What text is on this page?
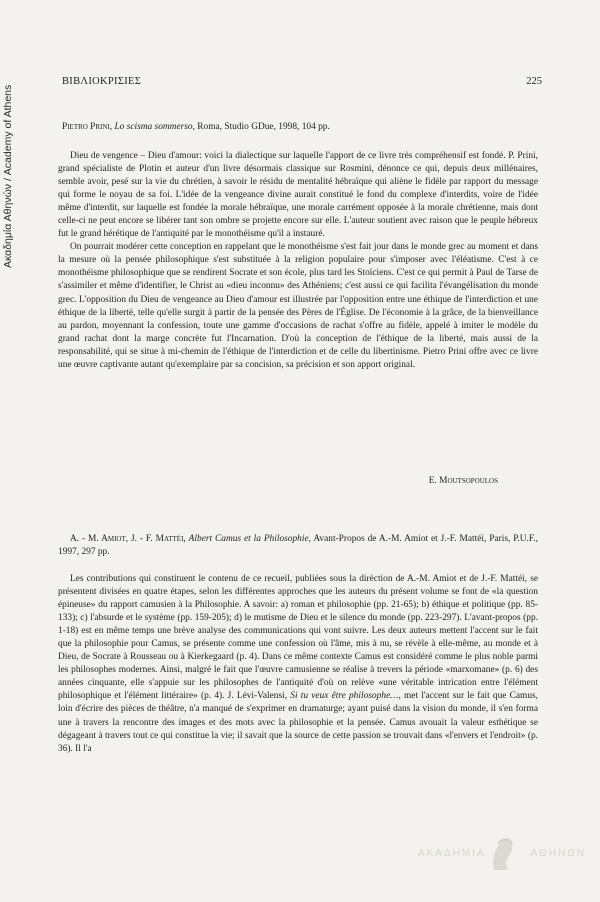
Ακαδημία Αθηνών / Academy of Athens
ΒΙΒΛΙΟΚΡΙΣΙΕΣ	225
Pietro Prini, Lo scisma sommerso, Roma, Studio GDue, 1998, 104 pp.

Dieu de vengence – Dieu d'amour: voici la dialectique sur laquelle l'apport de ce livre très compréhensif est fondé. P. Prini, grand spécialiste de Plotin et auteur d'un livre désormais classique sur Rosmini, dénonce ce qui, depuis deux millénaires, semble avoir, pesé sur la vie du chrétien, à savoir le résidu de mentalité hébraïque qui aliène le fidèle par rapport du message qui forme le noyau de sa foi. L'idée de la vengeance divine aurait constitué le fond du complexe d'interdits, voire de l'idée même d'interdit, sur laquelle est fondée la morale hébraïque, une morale carrément opposée à la morale chrétienne, mais dont celle-ci ne peut encore se libérer tant son ombre se projette encore sur elle. L'auteur soutient avec raison que le peuple hébreux fut le grand hérétique de l'antiquité par le monothéisme qu'il a instauré.

On pourrait modérer cette conception en rappelant que le monothéisme s'est fait jour dans le monde grec au moment et dans la mesure où la pensée philosophique s'est substituée à la religion populaire pour s'imposer avec l'éléatisme. C'est à ce monothéisme philosophique que se rendirent Socrate et son école, plus tard les Stoïciens. C'est ce qui permit à Paul de Tarse de s'assimiler et même d'identifier, le Christ au «dieu inconnu» des Athéniens; c'est aussi ce qui facilita l'évangélisation du monde grec. L'opposition du Dieu de vengeance au Dieu d'amour est illustrée par l'opposition entre une éthique de l'interdiction et une éthique de la liberté, telle qu'elle surgit à partir de la pensée des Pères de l'Église. De l'économie à la grâce, de la bienveillance au pardon, moyennant la confession, toute une gamme d'occasions de rachat s'offre au fidèle, appelé à imiter le modèle du grand rachat dont la marge concrète fut l'Incarnation. D'où la conception de l'éthique de la liberté, mais aussi de la responsabilité, qui se situe à mi-chemin de l'éthique de l'interdiction et de celle du libertinisme. Pietro Prini offre avec ce livre une œuvre captivante autant qu'exemplaire par sa concision, sa précision et son apport original.

E. Moutsopoulos

A. - M. Amiot, J. - F. Mattéi, Albert Camus et la Philosophie, Avant-Propos de A.-M. Amiot et J.-F. Mattéi, Paris, P.U.F., 1997, 297 pp.

Les contributions qui constituent le contenu de ce recueil, publiées sous la dirèction de A.-M. Amiot et de J.-F. Mattéi, se présentent divisées en quatre étapes, selon les différentes approches que les auteurs du présent volume se font de «la question épineuse» du rapport camusien à la Philosophie. A savoir: a) roman et philosophie (pp. 21-65); b) éthique et politique (pp. 85-133); c) l'absurde et le système (pp. 159-205); d) le mutisme de Dieu et le silence du monde (pp. 223-297). L'avant-propos (pp. 1-18) est en même temps une brève analyse des communications qui vont suivre. Les deux auteurs mettent l'accent sur le fait que la philosophie pour Camus, se présente comme une confession où l'âme, mis à nu, se révèle à elle-même, au monde et à Dieu, de Socrate à Rousseau ou à Kierkegaard (p. 4). Dans ce même contexte Camus est considéré comme le plus noble parmi les philosophes modernes. Ainsi, malgré le fait que l'œuvre camusienne se réalise à trevers la période «marxomane» (p. 6) des années cinquante, elle s'appuie sur les philosophes de l'antiquité d'où on relève «une véritable intrication entre l'élément philosophique et l'élément littéraire» (p. 4). J. Lévi-Valensi, Si tu veux être philosophe…, met l'accent sur le fait que Camus, loin d'écrire des pièces de théâtre, n'a manqué de s'exprimer en dramaturge; ayant puisé dans la vision du monde, il s'en forma une à travers la rencontre des images et des mots avec la philosophie et la pensée. Camus avouait la valeur esthétique se dégageant à travers tout ce qui constitue la vie; il savait que la source de cette passion se trouvait dans «l'envers et l'endroit» (p. 36). Il l'a

ΑΚΑΔΗΜΙΑ	ΑΘΗΝΩΝ
